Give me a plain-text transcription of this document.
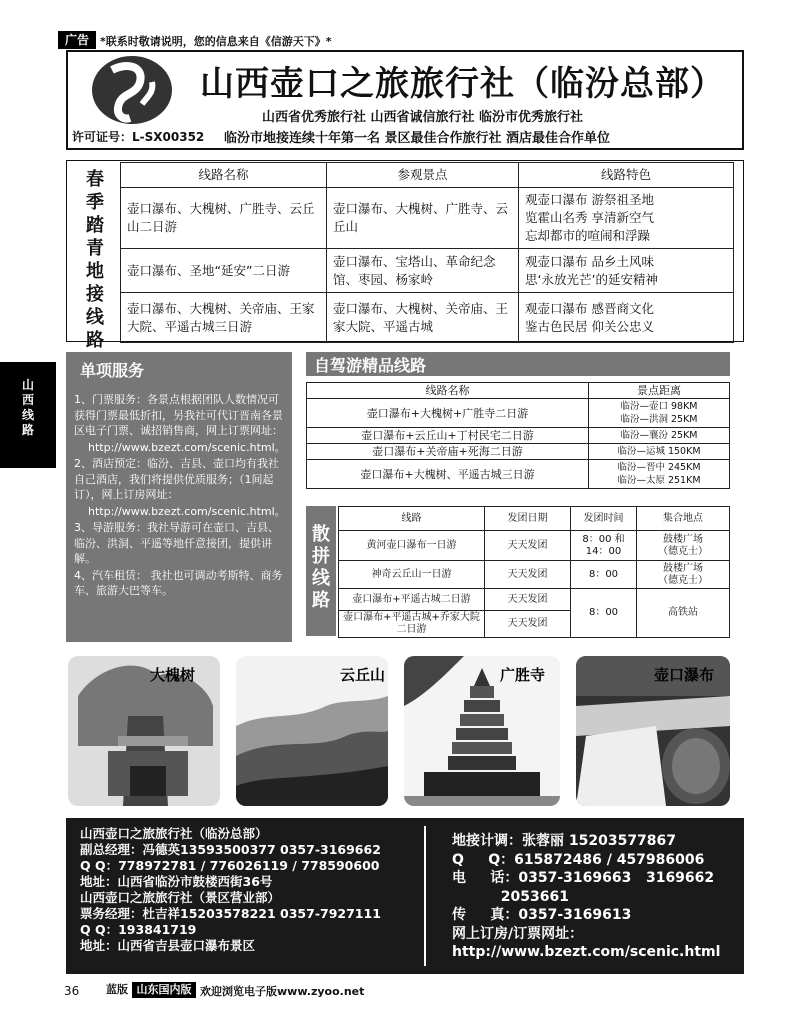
广告	*联系时敬请说明，您的信息来自《信游天下》*
山西壶口之旅旅行社（临汾总部）
山西省优秀旅行社 山西省诚信旅行社 临汾市优秀旅行社
许可证号：L-SX00352 临汾市地接连续十年第一名 景区最佳合作旅行社 酒店最佳合作单位
春
季
踏
青
地
接
线
路
线路名称	参观景点	线路特色
壶口瀑布、大槐树、广胜寺、云丘山二日游	壶口瀑布、大槐树、广胜寺、云丘山	观壶口瀑布 游祭祖圣地
览霍山名秀 享清新空气
忘却都市的喧闹和浮躁
壶口瀑布、圣地“延安”二日游	壶口瀑布、宝塔山、革命纪念馆、枣园、杨家岭	观壶口瀑布 品乡土风味
思‘永放光芒’的延安精神
壶口瀑布、大槐树、关帝庙、王家大院、平遥古城三日游	壶口瀑布、大槐树、关帝庙、王家大院、平遥古城	观壶口瀑布 感晋商文化
鉴古色民居 仰关公忠义
山
西
线
路
单项服务

1、门票服务：各景点根据团队人数情况可获得门票最低折扣，另我社可代订晋南各景区电子门票、诚招销售商，网上订票网址：

http://www.bzezt.com/scenic.html。

2、酒店预定：临汾、吉县、壶口均有我社自己酒店，我们将提供优质服务；（1间起订），网上订房网址：

http://www.bzezt.com/scenic.html。

3、导游服务：我社导游可在壶口、吉县、临汾、洪洞、平遥等地仟意接团，提供讲解。

4、汽车租赁： 我社也可调动考斯特、商务车、旅游大巴等车。

自驾游精品线路
线路名称	景点距离
壶口瀑布+大槐树+广胜寺二日游	临汾—壶口 98KM
临汾—洪洞 25KM

壶口瀑布+云丘山+丁村民宅二日游	临汾—襄汾 25KM
壶口瀑布+关帝庙+死海二日游	临汾—运城 150KM
壶口瀑布+大槐树、平遥古城三日游	临汾—晋中 245KM
临汾—太原 251KM
散
拼
线
路
线路	发团日期	发团时间	集合地点
黄河壶口瀑布一日游	天天发团	8：00 和
14：00	鼓楼广场
（德克士）
神奇云丘山一日游	天天发团	8：00	鼓楼广场
（德克士）
壶口瀑布+平遥古城二日游	天天发团	8：00	高铁站
壶口瀑布+平遥古城+乔家大院二日游	天天发团		
大槐树	云丘山	广胜寺	壶口瀑布
山西壶口之旅旅行社（临汾总部）
副总经理：冯德英13593500377 0357-3169662
Q Q：778972781 / 776026119 / 778590600
地址：山西省临汾市鼓楼西街36号
山西壶口之旅旅行社（景区营业部）
票务经理：杜吉祥15203578221 0357-7927111
Q Q：193841719
地址：山西省吉县壶口瀑布景区
地接计调：张蓉丽 15203577867
Q     Q：615872486 / 457986006
电     话：0357-3169663   3169662
2053661
传     真：0357-3169613
网上订房/订票网址：
http://www.bzezt.com/scenic.html
36	蓝版 山东国内版 欢迎浏览电子版www.zyoo.net
